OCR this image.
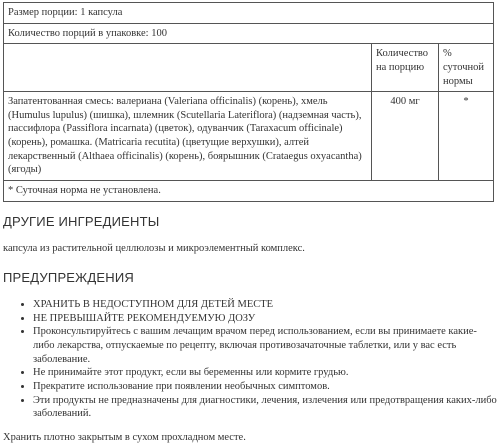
Размер порции: 1 капсула		
Количество порций в упаковке: 100		
	Количество на порцию	% суточной нормы
Запатентованная смесь: валериана (Valeriana officinalis) (корень), хмель (Humulus lupulus) (шишка), шлемник (Scutellaria Lateriflora) (надземная часть), пассифлора (Passiflora incarnata) (цветок), одуванчик (Taraxacum officinale) (корень), ромашка. (Matricaria recutita) (цветущие верхушки), алтей лекарственный (Althaea officinalis) (корень), боярышник (Crataegus oxyacantha) (ягоды)	400 мг	*
* Суточная норма не установлена.		
ДРУГИЕ ИНГРЕДИЕНТЫ

капсула из растительной целлюлозы и микроэлементный комплекс.

ПРЕДУПРЕЖДЕНИЯ
• ХРАНИТЬ В НЕДОСТУПНОМ ДЛЯ ДЕТЕЙ МЕСТЕ
• НЕ ПРЕВЫШАЙТЕ РЕКОМЕНДУЕМУЮ ДОЗУ
• Проконсультируйтесь с вашим лечащим врачом перед использованием, если вы принимаете какие-либо лекарства, отпускаемые по рецепту, включая противозачаточные таблетки, или у вас есть заболевание.
• Не принимайте этот продукт, если вы беременны или кормите грудью.
• Прекратите использование при появлении необычных симптомов.
• Эти продукты не предназначены для диагностики, лечения, излечения или предотвращения каких-либо заболеваний.

Хранить плотно закрытым в сухом прохладном месте.
